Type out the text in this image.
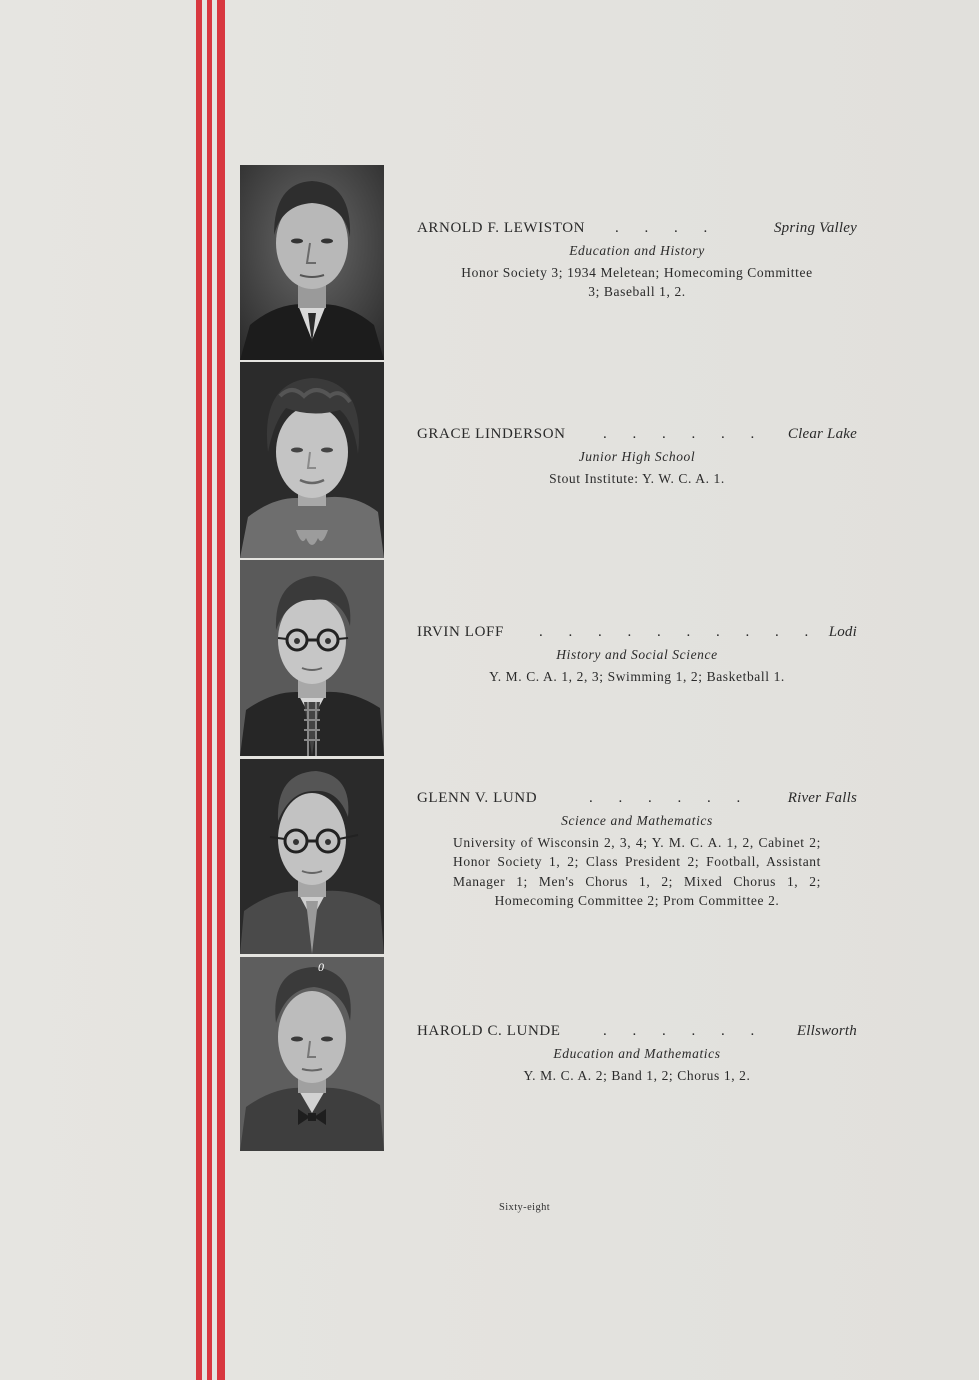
0
ARNOLD F. LEWISTON . . . .	Spring Valley
Education and History
Honor Society 3; 1934 Meletean; Homecoming Committee 3; Baseball 1, 2.
GRACE LINDERSON . . . . . . Clear Lake
Junior High School
Stout Institute: Y. W. C. A. 1.
IRVIN LOFF . . . . . . . . . . Lodi
History and Social Science
Y. M. C. A. 1, 2, 3; Swimming 1, 2; Basketball 1.
GLENN V. LUND	. . . . . . River Falls
Science and Mathematics
University of Wisconsin 2, 3, 4; Y. M. C. A. 1, 2, Cabinet 2; Honor Society 1, 2; Class President 2; Football, Assistant Manager 1; Men's Chorus 1, 2; Mixed Chorus 1, 2; Homecoming Committee 2; Prom Committee 2.
HAROLD C. LUNDE	. . . . . . Ellsworth
Education and Mathematics
Y. M. C. A. 2; Band 1, 2; Chorus 1, 2.
Sixty-eight
